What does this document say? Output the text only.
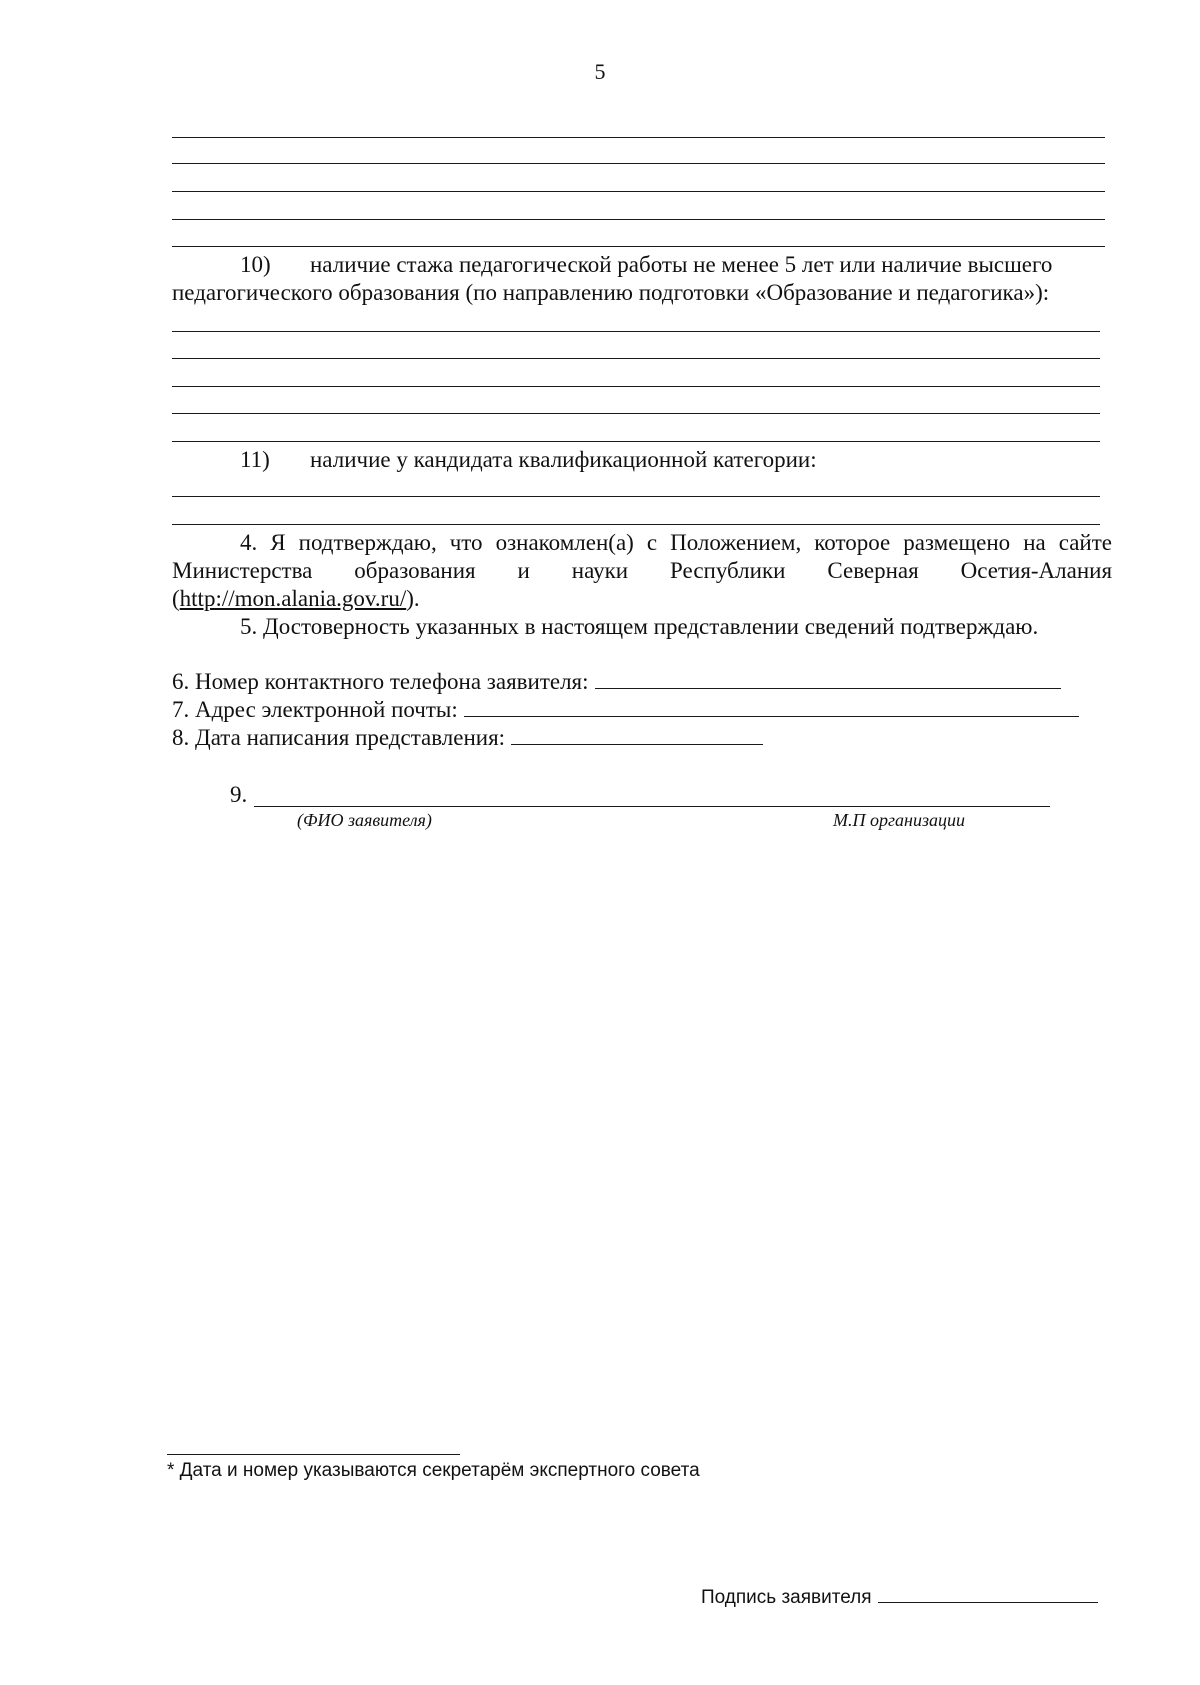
5
10) наличие стажа педагогической работы не менее 5 лет или наличие высшего
педагогического образования (по направлению подготовки «Образование и педагогика»):
11) наличие у кандидата квалификационной категории:
4. Я подтверждаю, что ознакомлен(а) с Положением, которое размещено на сайте
Министерства образования и науки Республики Северная Осетия-Алания
(http://mon.alania.gov.ru/).
5. Достоверность указанных в настоящем представлении сведений подтверждаю.
6. Номер контактного телефона заявителя:
7. Адрес электронной почты:
8. Дата написания представления:
9.
(ФИО заявителя)	М.П организации
* Дата и номер указываются секретарём экспертного совета
Подпись заявителя
